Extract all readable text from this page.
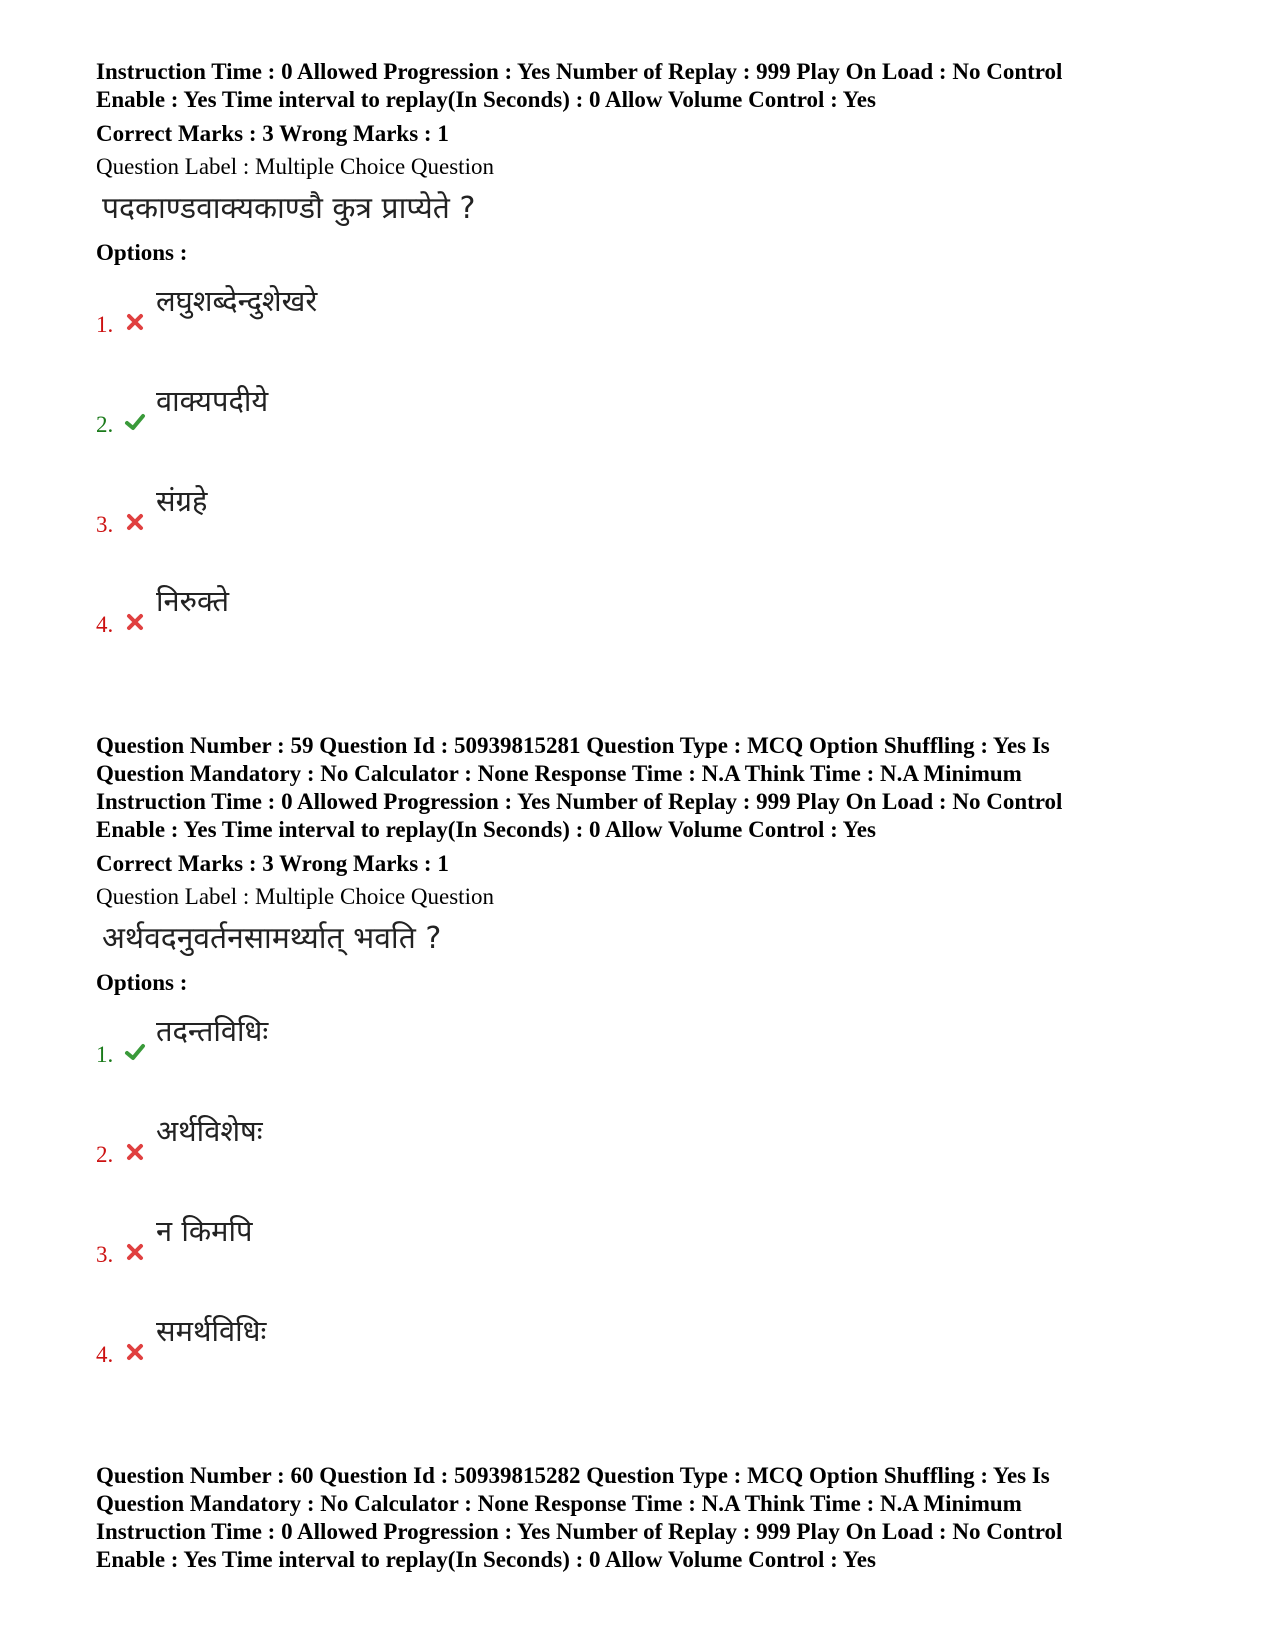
Instruction Time : 0 Allowed Progression : Yes Number of Replay : 999 Play On Load : No Control

Enable : Yes Time interval to replay(In Seconds) : 0 Allow Volume Control : Yes

Correct Marks : 3 Wrong Marks : 1
Question Label : Multiple Choice Question
पदकाण्डवाक्यकाण्डौ कुत्र प्राप्येते ?
Options :
1.
लघुशब्देन्दुशेखरे
2.
वाक्यपदीये
3.
संग्रहे
4.
निरुक्ते

Question Number : 59 Question Id : 50939815281 Question Type : MCQ Option Shuffling : Yes Is

Question Mandatory : No Calculator : None Response Time : N.A Think Time : N.A Minimum

Instruction Time : 0 Allowed Progression : Yes Number of Replay : 999 Play On Load : No Control

Enable : Yes Time interval to replay(In Seconds) : 0 Allow Volume Control : Yes

Correct Marks : 3 Wrong Marks : 1
Question Label : Multiple Choice Question
अर्थवदनुवर्तनसामर्थ्यात् भवति ?
Options :
1.
तदन्तविधिः
2.
अर्थविशेषः
3.
न किमपि
4.
समर्थविधिः

Question Number : 60 Question Id : 50939815282 Question Type : MCQ Option Shuffling : Yes Is

Question Mandatory : No Calculator : None Response Time : N.A Think Time : N.A Minimum

Instruction Time : 0 Allowed Progression : Yes Number of Replay : 999 Play On Load : No Control

Enable : Yes Time interval to replay(In Seconds) : 0 Allow Volume Control : Yes
